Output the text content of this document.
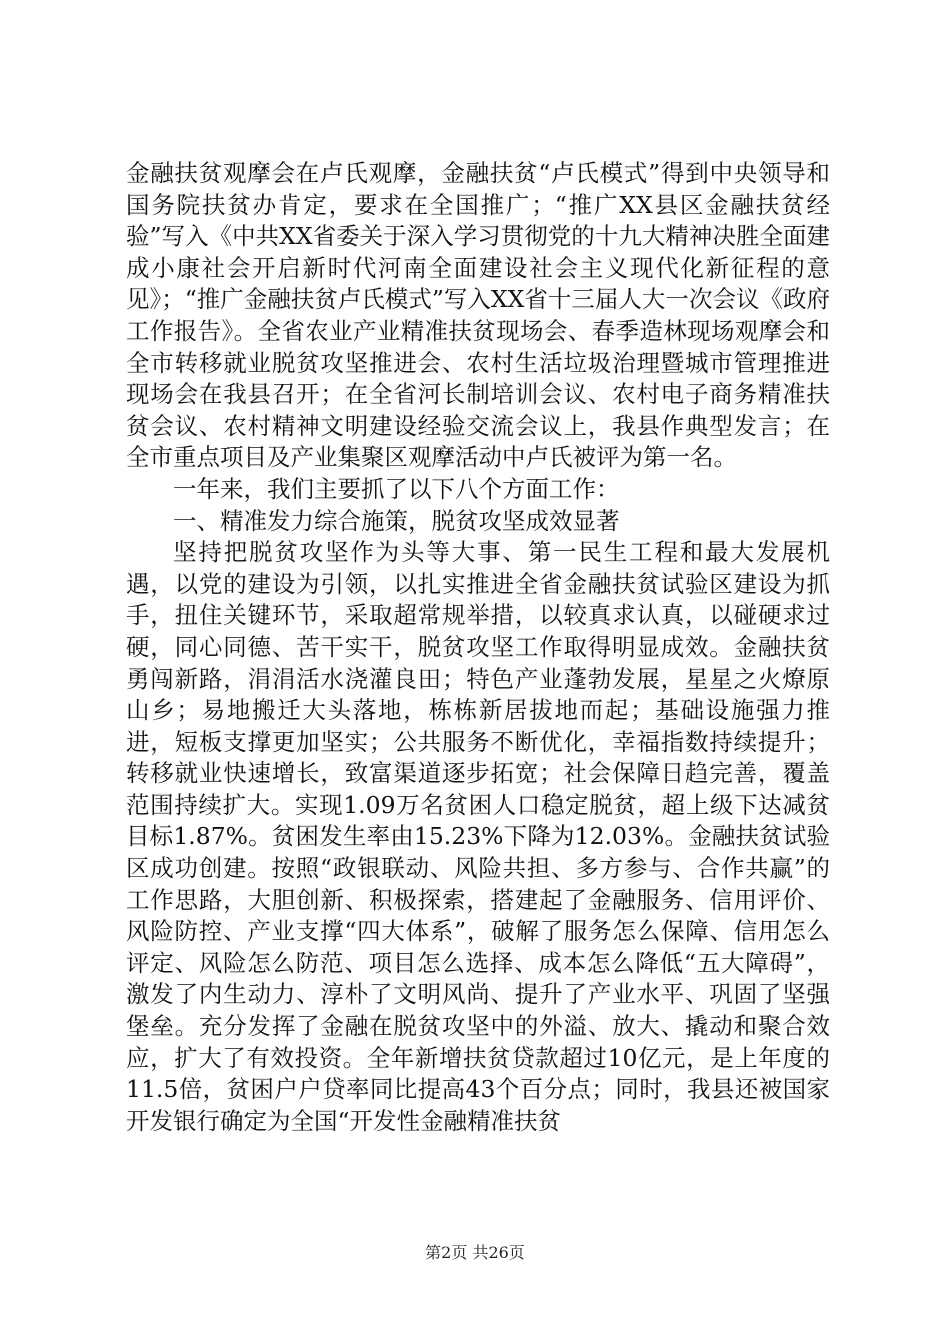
金融扶贫观摩会在卢氏观摩，金融扶贫“卢氏模式”得到中央领导和国务院扶贫办肯定，要求在全国推广；“推广XX县区金融扶贫经验”写入《中共XX省委关于深入学习贯彻党的十九大精神决胜全面建成小康社会开启新时代河南全面建设社会主义现代化新征程的意见》；“推广金融扶贫卢氏模式”写入XX省十三届人大一次会议《政府工作报告》。全省农业产业精准扶贫现场会、春季造林现场观摩会和全市转移就业脱贫攻坚推进会、农村生活垃圾治理暨城市管理推进现场会在我县召开；在全省河长制培训会议、农村电子商务精准扶贫会议、农村精神文明建设经验交流会议上，我县作典型发言；在全市重点项目及产业集聚区观摩活动中卢氏被评为第一名。

一年来，我们主要抓了以下八个方面工作：

一、精准发力综合施策，脱贫攻坚成效显著

坚持把脱贫攻坚作为头等大事、第一民生工程和最大发展机遇，以党的建设为引领，以扎实推进全省金融扶贫试验区建设为抓手，扭住关键环节，采取超常规举措，以较真求认真，以碰硬求过硬，同心同德、苦干实干，脱贫攻坚工作取得明显成效。金融扶贫勇闯新路，涓涓活水浇灌良田；特色产业蓬勃发展，星星之火燎原山乡；易地搬迁大头落地，栋栋新居拔地而起；基础设施强力推进，短板支撑更加坚实；公共服务不断优化，幸福指数持续提升；转移就业快速增长，致富渠道逐步拓宽；社会保障日趋完善，覆盖范围持续扩大。实现1.09万名贫困人口稳定脱贫，超上级下达减贫目标1.87%。贫困发生率由15.23%下降为12.03%。金融扶贫试验区成功创建。按照“政银联动、风险共担、多方参与、合作共赢”的工作思路，大胆创新、积极探索，搭建起了金融服务、信用评价、风险防控、产业支撑“四大体系”，破解了服务怎么保障、信用怎么评定、风险怎么防范、项目怎么选择、成本怎么降低“五大障碍”，激发了内生动力、淳朴了文明风尚、提升了产业水平、巩固了坚强堡垒。充分发挥了金融在脱贫攻坚中的外溢、放大、撬动和聚合效应，扩大了有效投资。全年新增扶贫贷款超过10亿元，是上年度的11.5倍，贫困户户贷率同比提高43个百分点；同时，我县还被国家开发银行确定为全国“开发性金融精准扶贫

第2页 共26页
